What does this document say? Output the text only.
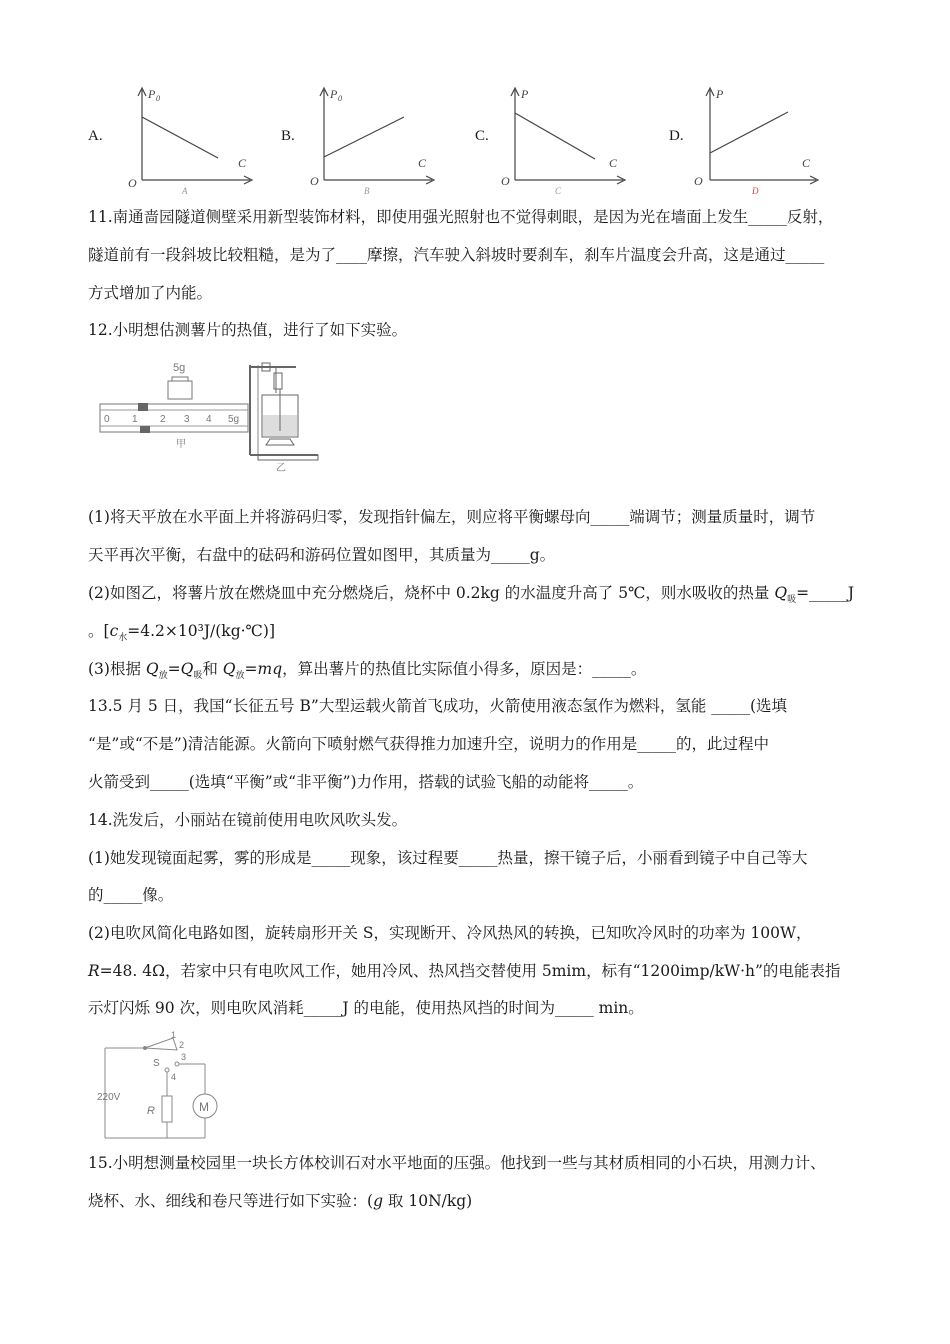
A.	B.	C.	D.
P 0
C
O
A
P 0
C
O
B
P
C
O
C
P
C
O
D
11.南通啬园隧道侧壁采用新型装饰材料，即使用强光照射也不觉得刺眼，是因为光在墙面上发生_____反射，
隧道前有一段斜坡比较粗糙，是为了____摩擦，汽车驶入斜坡时要刹车，刹车片温度会升高，这是通过_____
方式增加了内能。
12.小明想估测薯片的热值，进行了如下实验。
5g
0 1 2 3 4 5g
甲
乙
(1)将天平放在水平面上并将游码归零，发现指针偏左，则应将平衡螺母向_____端调节；测量质量时，调节
天平再次平衡，右盘中的砝码和游码位置如图甲，其质量为_____g。
(2)如图乙，将薯片放在燃烧皿中充分燃烧后，烧杯中 0.2kg 的水温度升高了 5℃，则水吸收的热量 $Q_吸=\_\_\_\_\_J$
。$[c_水=4.2\times 10^3J/(kg\cdot℃)]$
(3)根据 $Q_放=Q_吸$和 $Q_放=mq$，算出薯片的热值比实际值小得多，原因是：_____。
13.5 月 5 日，我国“长征五号 B”大型运载火箭首飞成功，火箭使用液态氢作为燃料，氢能 _____(选填
“是”或“不是”)清洁能源。火箭向下喷射燃气获得推力加速升空，说明力的作用是_____的，此过程中
火箭受到_____(选填“平衡”或“非平衡”)力作用，搭载的试验飞船的动能将_____。
14.洗发后，小丽站在镜前使用电吹风吹头发。
(1)她发现镜面起雾，雾的形成是_____现象，该过程要_____热量，擦干镜子后，小丽看到镜子中自己等大
的_____像。
(2)电吹风简化电路如图，旋转扇形开关 S，实现断开、冷风热风的转换，已知吹冷风时的功率为 100W，
R=48. 4Ω，若家中只有电吹风工作，她用冷风、热风挡交替使用 5mim，标有“1200imp/kW·h”的电能表指
示灯闪烁 90 次，则电吹风消耗_____J 的电能，使用热风挡的时间为_____ min。
220V
1
2
3
S
4
R	M
15.小明想测量校园里一块长方体校训石对水平地面的压强。他找到一些与其材质相同的小石块，用测力计、
烧杯、水、细线和卷尺等进行如下实验：(g 取 10N/kg)
